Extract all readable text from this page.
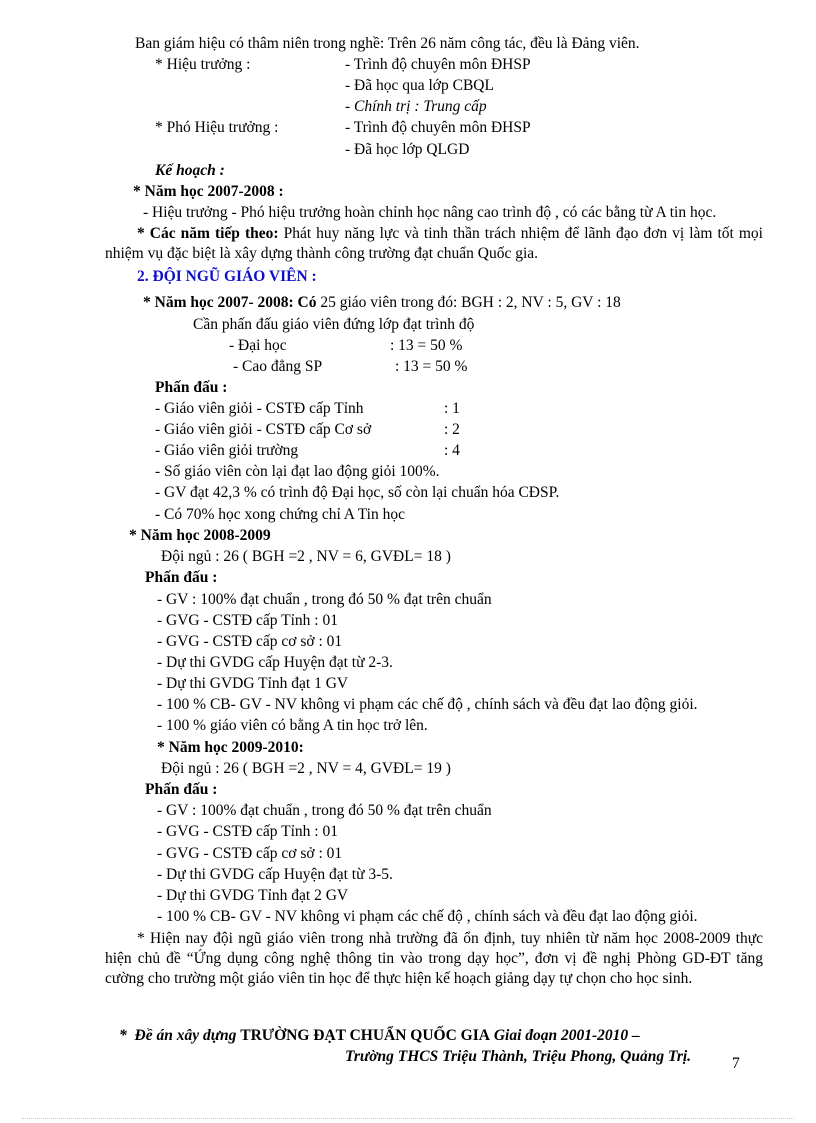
Ban giám hiệu có thâm niên trong nghề: Trên 26 năm công tác, đều là Đảng viên.
* Hiệu trưởng :	- Trình độ chuyên môn ĐHSP
- Đã học qua lớp CBQL
- Chính trị : Trung cấp
* Phó Hiệu trưởng :	- Trình độ chuyên môn ĐHSP
- Đã học lớp QLGD
Kế hoạch :
* Năm học 2007-2008 :
- Hiệu trưởng - Phó hiệu trưởng hoàn chỉnh học nâng cao trình độ , có các bằng từ A tin học.
* Các năm tiếp theo: Phát huy năng lực và tinh thần trách nhiệm để lãnh đạo đơn vị làm tốt mọi nhiệm vụ đặc biệt là xây dựng thành công trường đạt chuẩn Quốc gia.
2. ĐỘI NGŨ GIÁO VIÊN :
* Năm học 2007- 2008: Có 25 giáo viên trong đó: BGH : 2, NV : 5, GV : 18
Cần phấn đấu giáo viên đứng lớp đạt trình độ
- Đại học	: 13 = 50 %
- Cao đẳng SP	: 13 = 50 %
Phấn đấu :
- Giáo viên giỏi - CSTĐ cấp Tỉnh	: 1
- Giáo viên giỏi - CSTĐ cấp Cơ sở	: 2
- Giáo viên giỏi trường	: 4
- Số giáo viên còn lại đạt lao động giỏi 100%.
- GV đạt 42,3 % có trình độ Đại học, số còn lại chuẩn hóa CĐSP.
- Có 70% học xong chứng chỉ A Tin học
* Năm học 2008-2009
Đội ngủ : 26 ( BGH =2 , NV = 6, GVĐL= 18 )
Phấn đấu :
- GV : 100% đạt chuẩn , trong đó 50 % đạt trên chuẩn
- GVG - CSTĐ cấp Tỉnh : 01
- GVG - CSTĐ cấp cơ sở : 01
- Dự thi GVDG cấp Huyện đạt từ 2-3.
- Dự thi GVDG Tỉnh đạt 1 GV
- 100 % CB- GV - NV không vi phạm các chế độ , chính sách và đều đạt lao động giỏi.
- 100 % giáo viên có bằng A tin học trở lên.
* Năm học 2009-2010:
Đội ngủ : 26 ( BGH =2 , NV = 4, GVĐL= 19 )
Phấn đấu :
- GV : 100% đạt chuẩn , trong đó 50 % đạt trên chuẩn
- GVG - CSTĐ cấp Tỉnh : 01
- GVG - CSTĐ cấp cơ sở : 01
- Dự thi GVDG cấp Huyện đạt từ 3-5.
- Dự thi GVDG Tỉnh đạt 2 GV
- 100 % CB- GV - NV không vi phạm các chế độ , chính sách và đều đạt lao động giỏi.
* Hiện nay đội ngũ giáo viên trong nhà trường đã ổn định, tuy nhiên từ năm học 2008-2009 thực hiện chủ đề “Ứng dụng công nghệ thông tin vào trong dạy học”, đơn vị đề nghị Phòng GD-ĐT tăng cường cho trường một giáo viên tin học để thực hiện kế hoạch giảng dạy tự chọn cho học sinh.
* Đề án xây dựng TRƯỜNG ĐẠT CHUẨN QUỐC GIA Giai đoạn 2001-2010 –
Trường THCS Triệu Thành, Triệu Phong, Quảng Trị.	7
